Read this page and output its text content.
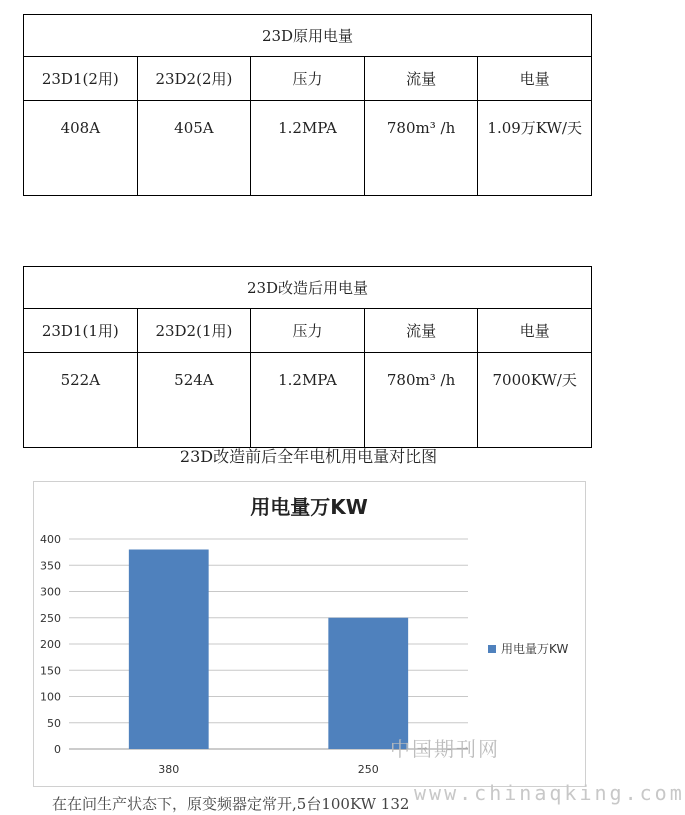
23D原用电量				
23D1(2用)	23D2(2用)	压力	流量	电量
408A	405A	1.2MPA	780m³ /h	1.09万KW/天
23D改造后用电量				
23D1(1用)	23D2(1用)	压力	流量	电量
522A	524A	1.2MPA	780m³ /h	7000KW/天
23D改造前后全年电机用电量对比图
用电量万KW
0
50
100
150
200
250
300
350
400
380	250
用电量万KW
中国期刊网
www.chinaqking.com
在在问生产状态下，原变频器定常开,5台100KW 132
